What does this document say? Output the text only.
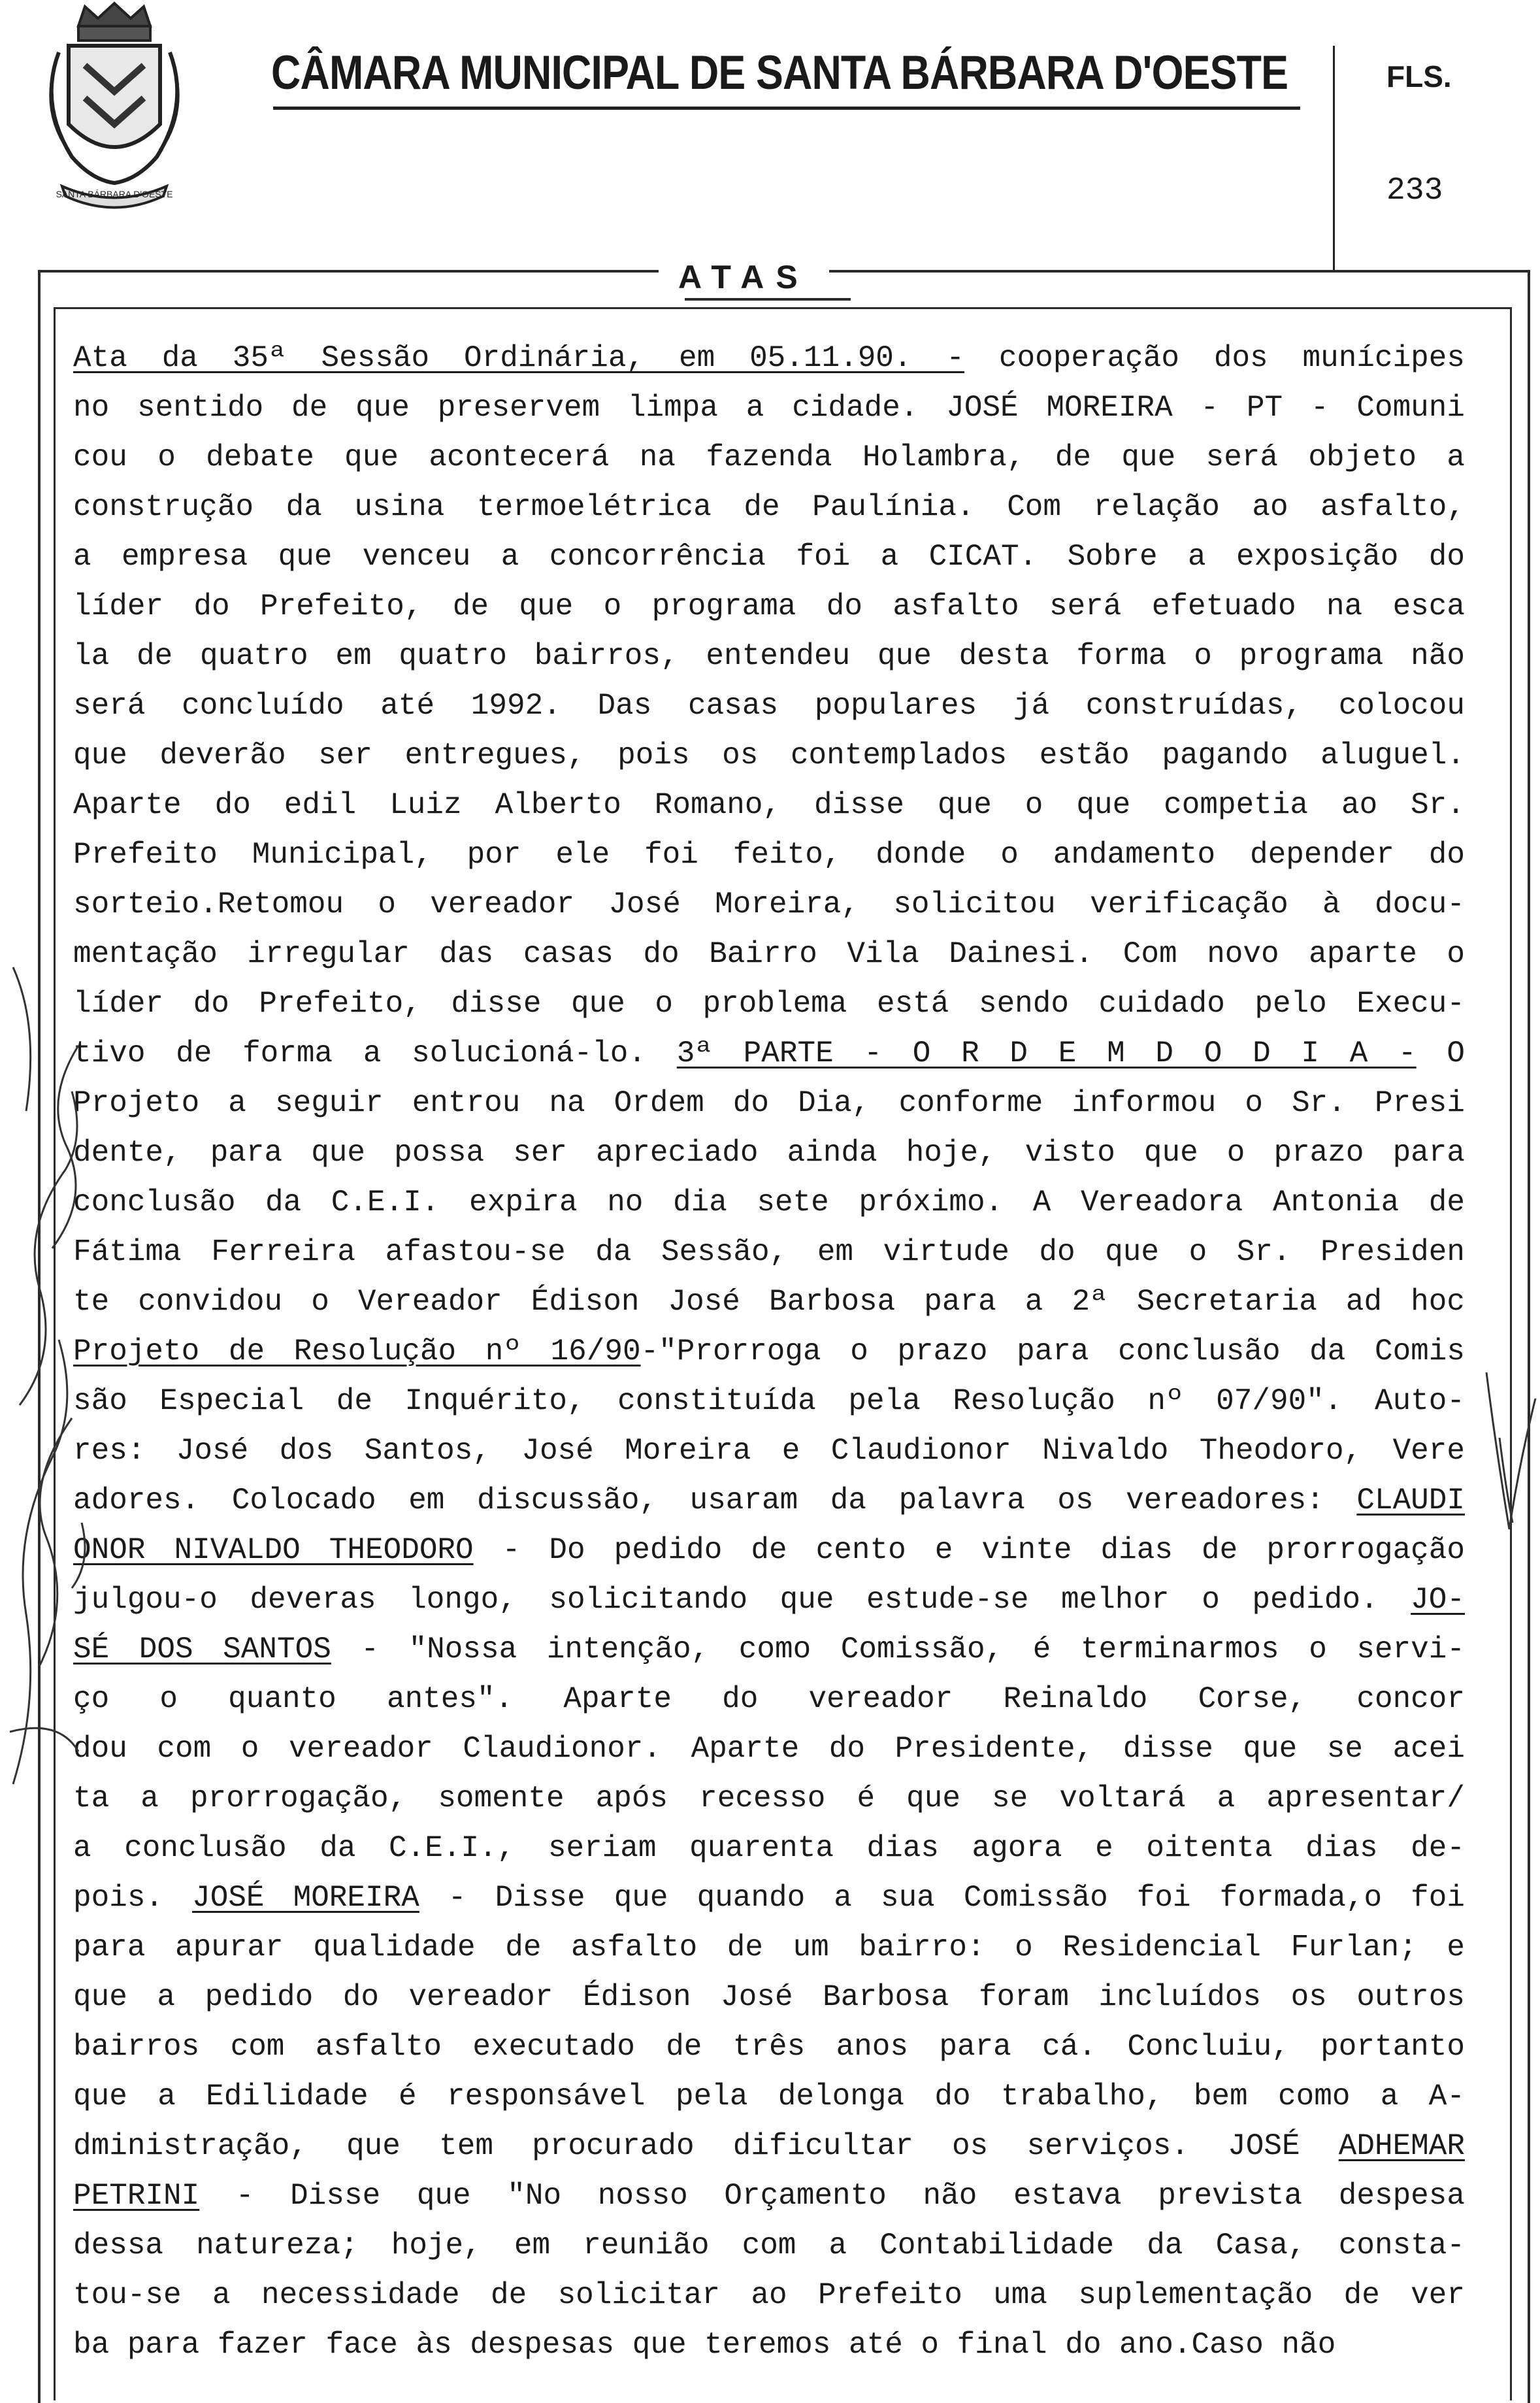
SANTA BÁRBARA D'OESTE
CÂMARA MUNICIPAL DE SANTA BÁRBARA D'OESTE	FLS.
233
ATAS
Ata da 35ª Sessão Ordinária, em 05.11.90. - cooperação dos munícipes
no sentido de que preservem limpa a cidade. JOSÉ MOREIRA - PT - Comuni
cou o debate que acontecerá na fazenda Holambra, de que será objeto a
construção da usina termoelétrica de Paulínia. Com relação ao asfalto,
a empresa que venceu a concorrência foi a CICAT. Sobre a exposição do
líder do Prefeito, de que o programa do asfalto será efetuado na esca
la de quatro em quatro bairros, entendeu que desta forma o programa não
será concluído até 1992. Das casas populares já construídas, colocou
que deverão ser entregues, pois os contemplados estão pagando aluguel.
Aparte do edil Luiz Alberto Romano, disse que o que competia ao Sr.
Prefeito Municipal, por ele foi feito, donde o andamento depender do
sorteio.Retomou o vereador José Moreira, solicitou verificação à docu-
mentação irregular das casas do Bairro Vila Dainesi. Com novo aparte o
líder do Prefeito, disse que o problema está sendo cuidado pelo Execu-
tivo de forma a solucioná-lo. 3ª PARTE - O R D E M D O D I A - O
Projeto a seguir entrou na Ordem do Dia, conforme informou o Sr. Presi
dente, para que possa ser apreciado ainda hoje, visto que o prazo para
conclusão da C.E.I. expira no dia sete próximo. A Vereadora Antonia de
Fátima Ferreira afastou-se da Sessão, em virtude do que o Sr. Presiden
te convidou o Vereador Édison José Barbosa para a 2ª Secretaria ad hoc
Projeto de Resolução nº 16/90-"Prorroga o prazo para conclusão da Comis
são Especial de Inquérito, constituída pela Resolução nº 07/90". Auto-
res: José dos Santos, José Moreira e Claudionor Nivaldo Theodoro, Vere
adores. Colocado em discussão, usaram da palavra os vereadores: CLAUDI
ONOR NIVALDO THEODORO - Do pedido de cento e vinte dias de prorrogação
julgou-o deveras longo, solicitando que estude-se melhor o pedido. JO-
SÉ DOS SANTOS - "Nossa intenção, como Comissão, é terminarmos o servi-
ço o quanto antes". Aparte do vereador Reinaldo Corse, concor
dou com o vereador Claudionor. Aparte do Presidente, disse que se acei
ta a prorrogação, somente após recesso é que se voltará a apresentar/
a conclusão da C.E.I., seriam quarenta dias agora e oitenta dias de-
pois. JOSÉ MOREIRA - Disse que quando a sua Comissão foi formada,o foi
para apurar qualidade de asfalto de um bairro: o Residencial Furlan; e
que a pedido do vereador Édison José Barbosa foram incluídos os outros
bairros com asfalto executado de três anos para cá. Concluiu, portanto
que a Edilidade é responsável pela delonga do trabalho, bem como a A-
dministração, que tem procurado dificultar os serviços. JOSÉ ADHEMAR
PETRINI - Disse que "No nosso Orçamento não estava prevista despesa
dessa natureza; hoje, em reunião com a Contabilidade da Casa, consta-
tou-se a necessidade de solicitar ao Prefeito uma suplementação de ver
ba para fazer face às despesas que teremos até o final do ano.Caso não
